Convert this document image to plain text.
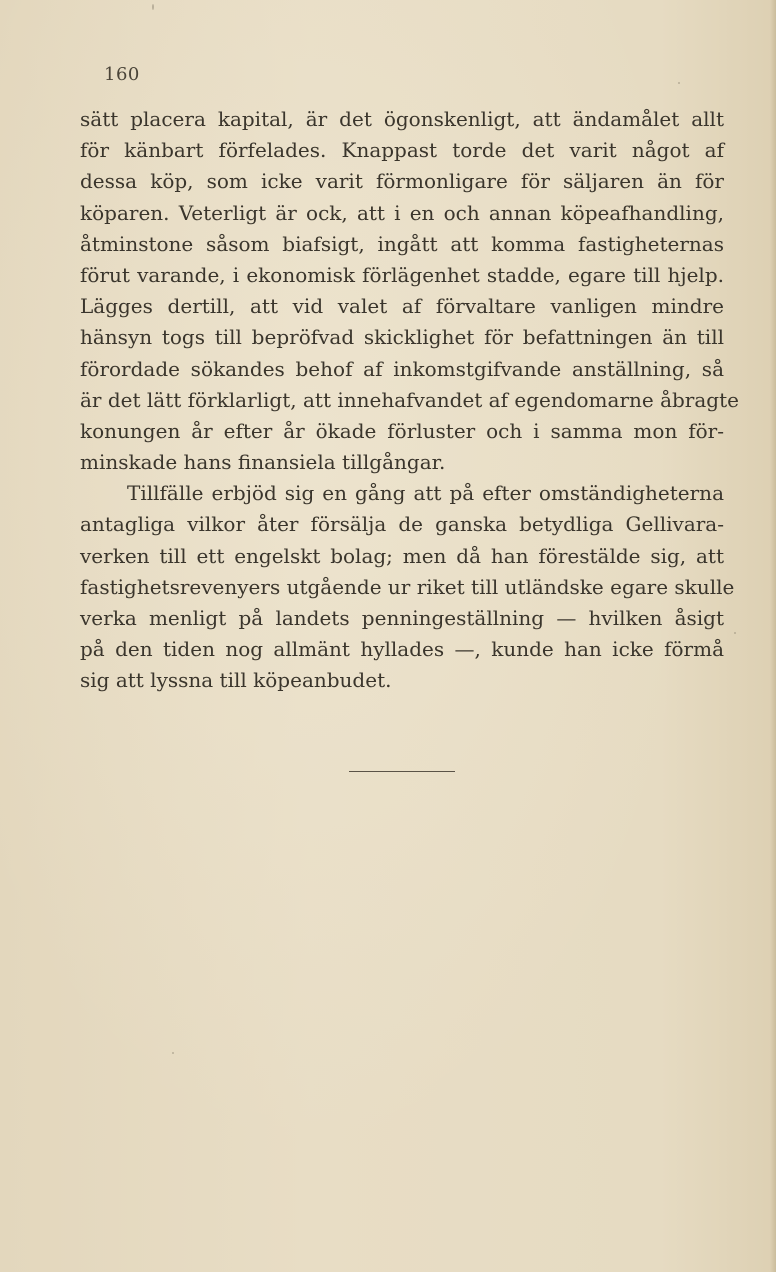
160
sätt placera kapital, är det ögonskenligt, att ändamålet allt
för känbart förfelades. Knappast torde det varit något af
dessa köp, som icke varit förmonligare för säljaren än för
köparen. Veterligt är ock, att i en och annan köpeafhandling,
åtminstone såsom biafsigt, ingått att komma fastigheternas
förut varande, i ekonomisk förlägenhet stadde, egare till hjelp.
Lägges dertill, att vid valet af förvaltare vanligen mindre
hänsyn togs till bepröfvad skicklighet för befattningen än till
förordade sökandes behof af inkomstgifvande anställning, så
är det lätt förklarligt, att innehafvandet af egendomarne åbragte
konungen år efter år ökade förluster och i samma mon för-
minskade hans finansiela tillgångar.
Tillfälle erbjöd sig en gång att på efter omständigheterna
antagliga vilkor åter försälja de ganska betydliga Gellivara-
verken till ett engelskt bolag; men då han förestälde sig, att
fastighetsrevenyers utgående ur riket till utländske egare skulle
verka menligt på landets penningeställning — hvilken åsigt
på den tiden nog allmänt hyllades —, kunde han icke förmå
sig att lyssna till köpeanbudet.
